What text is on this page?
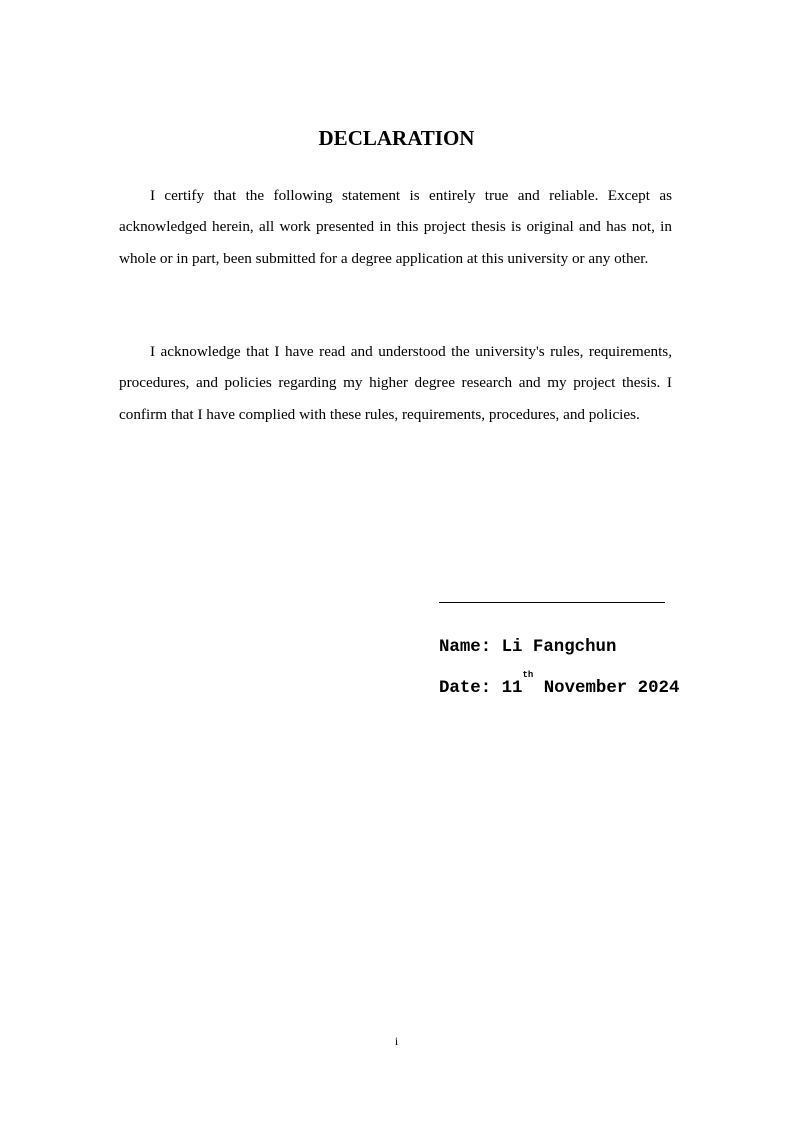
DECLARATION

I certify that the following statement is entirely true and reliable. Except as acknowledged herein, all work presented in this project thesis is original and has not, in whole or in part, been submitted for a degree application at this university or any other.

I acknowledge that I have read and understood the university's rules, requirements, procedures, and policies regarding my higher degree research and my project thesis. I confirm that I have complied with these rules, requirements, procedures, and policies.

Name: Li Fangchun
Date: 11th November 2024
i
